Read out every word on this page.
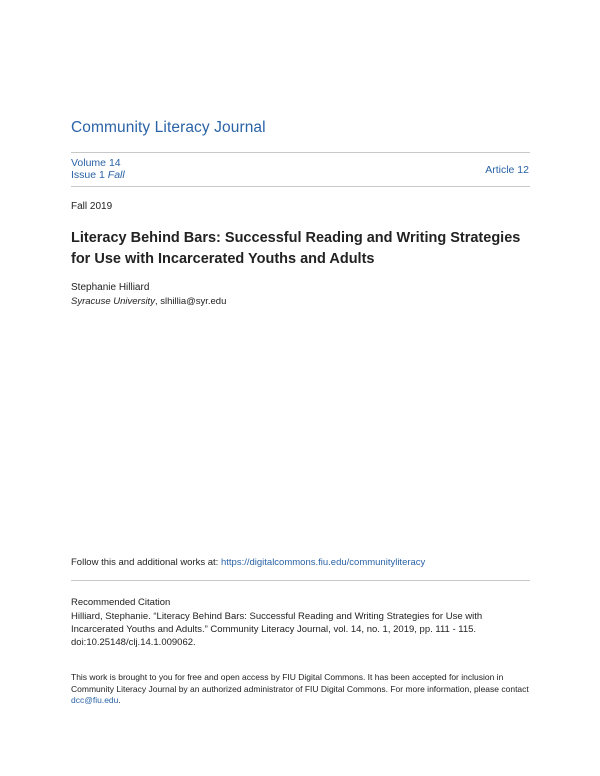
Community Literacy Journal
Volume 14
Issue 1 Fall	Article 12
Fall 2019
Literacy Behind Bars: Successful Reading and Writing Strategies for Use with Incarcerated Youths and Adults
Stephanie Hilliard
Syracuse University, slhillia@syr.edu
Follow this and additional works at: https://digitalcommons.fiu.edu/communityliteracy
Recommended Citation
Hilliard, Stephanie. “Literacy Behind Bars: Successful Reading and Writing Strategies for Use with Incarcerated Youths and Adults.” Community Literacy Journal, vol. 14, no. 1, 2019, pp. 111 - 115. doi:10.25148/clj.14.1.009062.
This work is brought to you for free and open access by FIU Digital Commons. It has been accepted for inclusion in Community Literacy Journal by an authorized administrator of FIU Digital Commons. For more information, please contact dcc@fiu.edu.
